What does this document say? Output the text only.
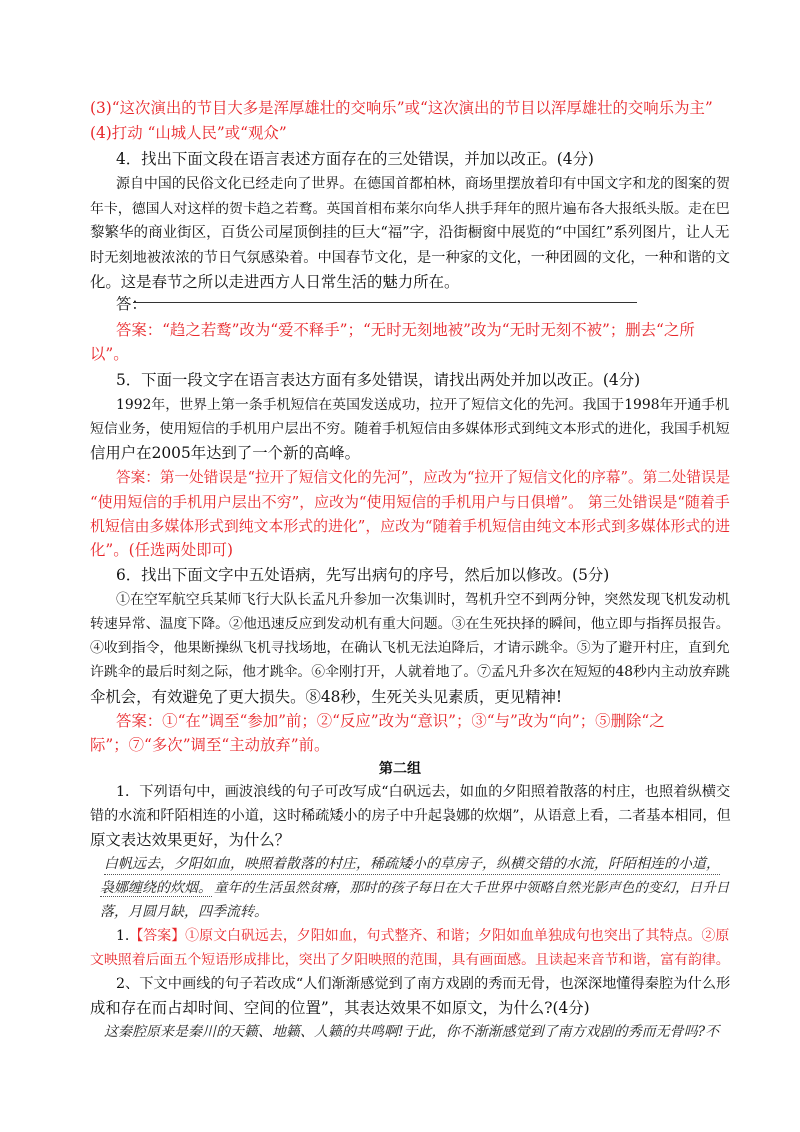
(3)“这次演出的节目大多是浑厚雄壮的交响乐”或“这次演出的节目以浑厚雄壮的交响乐为主”
(4)打动 “山城人民”或“观众”
4．找出下面文段在语言表述方面存在的三处错误，并加以改正。(4分)
源自中国的民俗文化已经走向了世界。在德国首都柏林，商场里摆放着印有中国文字和龙的图案的贺
年卡，德国人对这样的贺卡趋之若鹜。英国首相布莱尔向华人拱手拜年的照片遍布各大报纸头版。走在巴
黎繁华的商业街区，百货公司屋顶倒挂的巨大“福”字，沿街橱窗中展览的“中国红”系列图片，让人无
时无刻地被浓浓的节日气氛感染着。中国春节文化，是一种家的文化，一种团圆的文化，一种和谐的文
化。这是春节之所以走进西方人日常生活的魅力所在。
答：
答案：“趋之若鹜”改为“爱不释手”；“无时无刻地被”改为“无时无刻不被”；删去“之所
以”。
5．下面一段文字在语言表达方面有多处错误，请找出两处并加以改正。(4分)
1992年，世界上第一条手机短信在英国发送成功，拉开了短信文化的先河。我国于1998年开通手机
短信业务，使用短信的手机用户层出不穷。随着手机短信由多媒体形式到纯文本形式的进化，我国手机短
信用户在2005年达到了一个新的高峰。
答案：第一处错误是“拉开了短信文化的先河”，应改为“拉开了短信文化的序幕”。第二处错误是
“使用短信的手机用户层出不穷”，应改为“使用短信的手机用户与日俱增”。 第三处错误是“随着手
机短信由多媒体形式到纯文本形式的进化”，应改为“随着手机短信由纯文本形式到多媒体形式的进
化”。(任选两处即可)
6．找出下面文字中五处语病，先写出病句的序号，然后加以修改。(5分)
①在空军航空兵某师飞行大队长孟凡升参加一次集训时，驾机升空不到两分钟，突然发现飞机发动机
转速异常、温度下降。②他迅速反应到发动机有重大问题。③在生死抉择的瞬间，他立即与指挥员报告。
④收到指令，他果断操纵飞机寻找场地，在确认飞机无法迫降后，才请示跳伞。⑤为了避开村庄，直到允
许跳伞的最后时刻之际，他才跳伞。⑥伞刚打开，人就着地了。⑦孟凡升多次在短短的48秒内主动放弃跳
伞机会，有效避免了更大损失。⑧48秒，生死关头见素质，更见精神!
答案：①“在”调至“参加”前；②“反应”改为“意识”；③“与”改为“向”；⑤删除“之
际”；⑦“多次”调至“主动放弃”前。
第二组
1．下列语句中，画波浪线的句子可改写成“白矾远去，如血的夕阳照着散落的村庄，也照着纵横交
错的水流和阡陌相连的小道，这时稀疏矮小的房子中升起袅娜的炊烟”，从语意上看，二者基本相同，但
原文表达效果更好，为什么？
白帆远去，夕阳如血，映照着散落的村庄，稀疏矮小的草房子，纵横交错的水流，阡陌相连的小道，
袅娜缠绕的炊烟。 童年的生活虽然贫瘠，那时的孩子每日在大千世界中领略自然光影声色的变幻，日升日
落，月圆月缺，四季流转。
1.【答案】①原文白矾远去，夕阳如血，句式整齐、和谐；夕阳如血单独成句也突出了其特点。②原
文映照着后面五个短语形成排比，突出了夕阳映照的范围，具有画面感。且读起来音节和谐，富有韵律。
2、下文中画线的句子若改成“人们渐渐感觉到了南方戏剧的秀而无骨，也深深地懂得秦腔为什么形
成和存在而占却时间、空间的位置”，其表达效果不如原文，为什么?(4分)
这秦腔原来是秦川的天籁、地籁、人籁的共鸣啊!于此，你不渐渐感觉到了南方戏剧的秀而无骨吗?不
